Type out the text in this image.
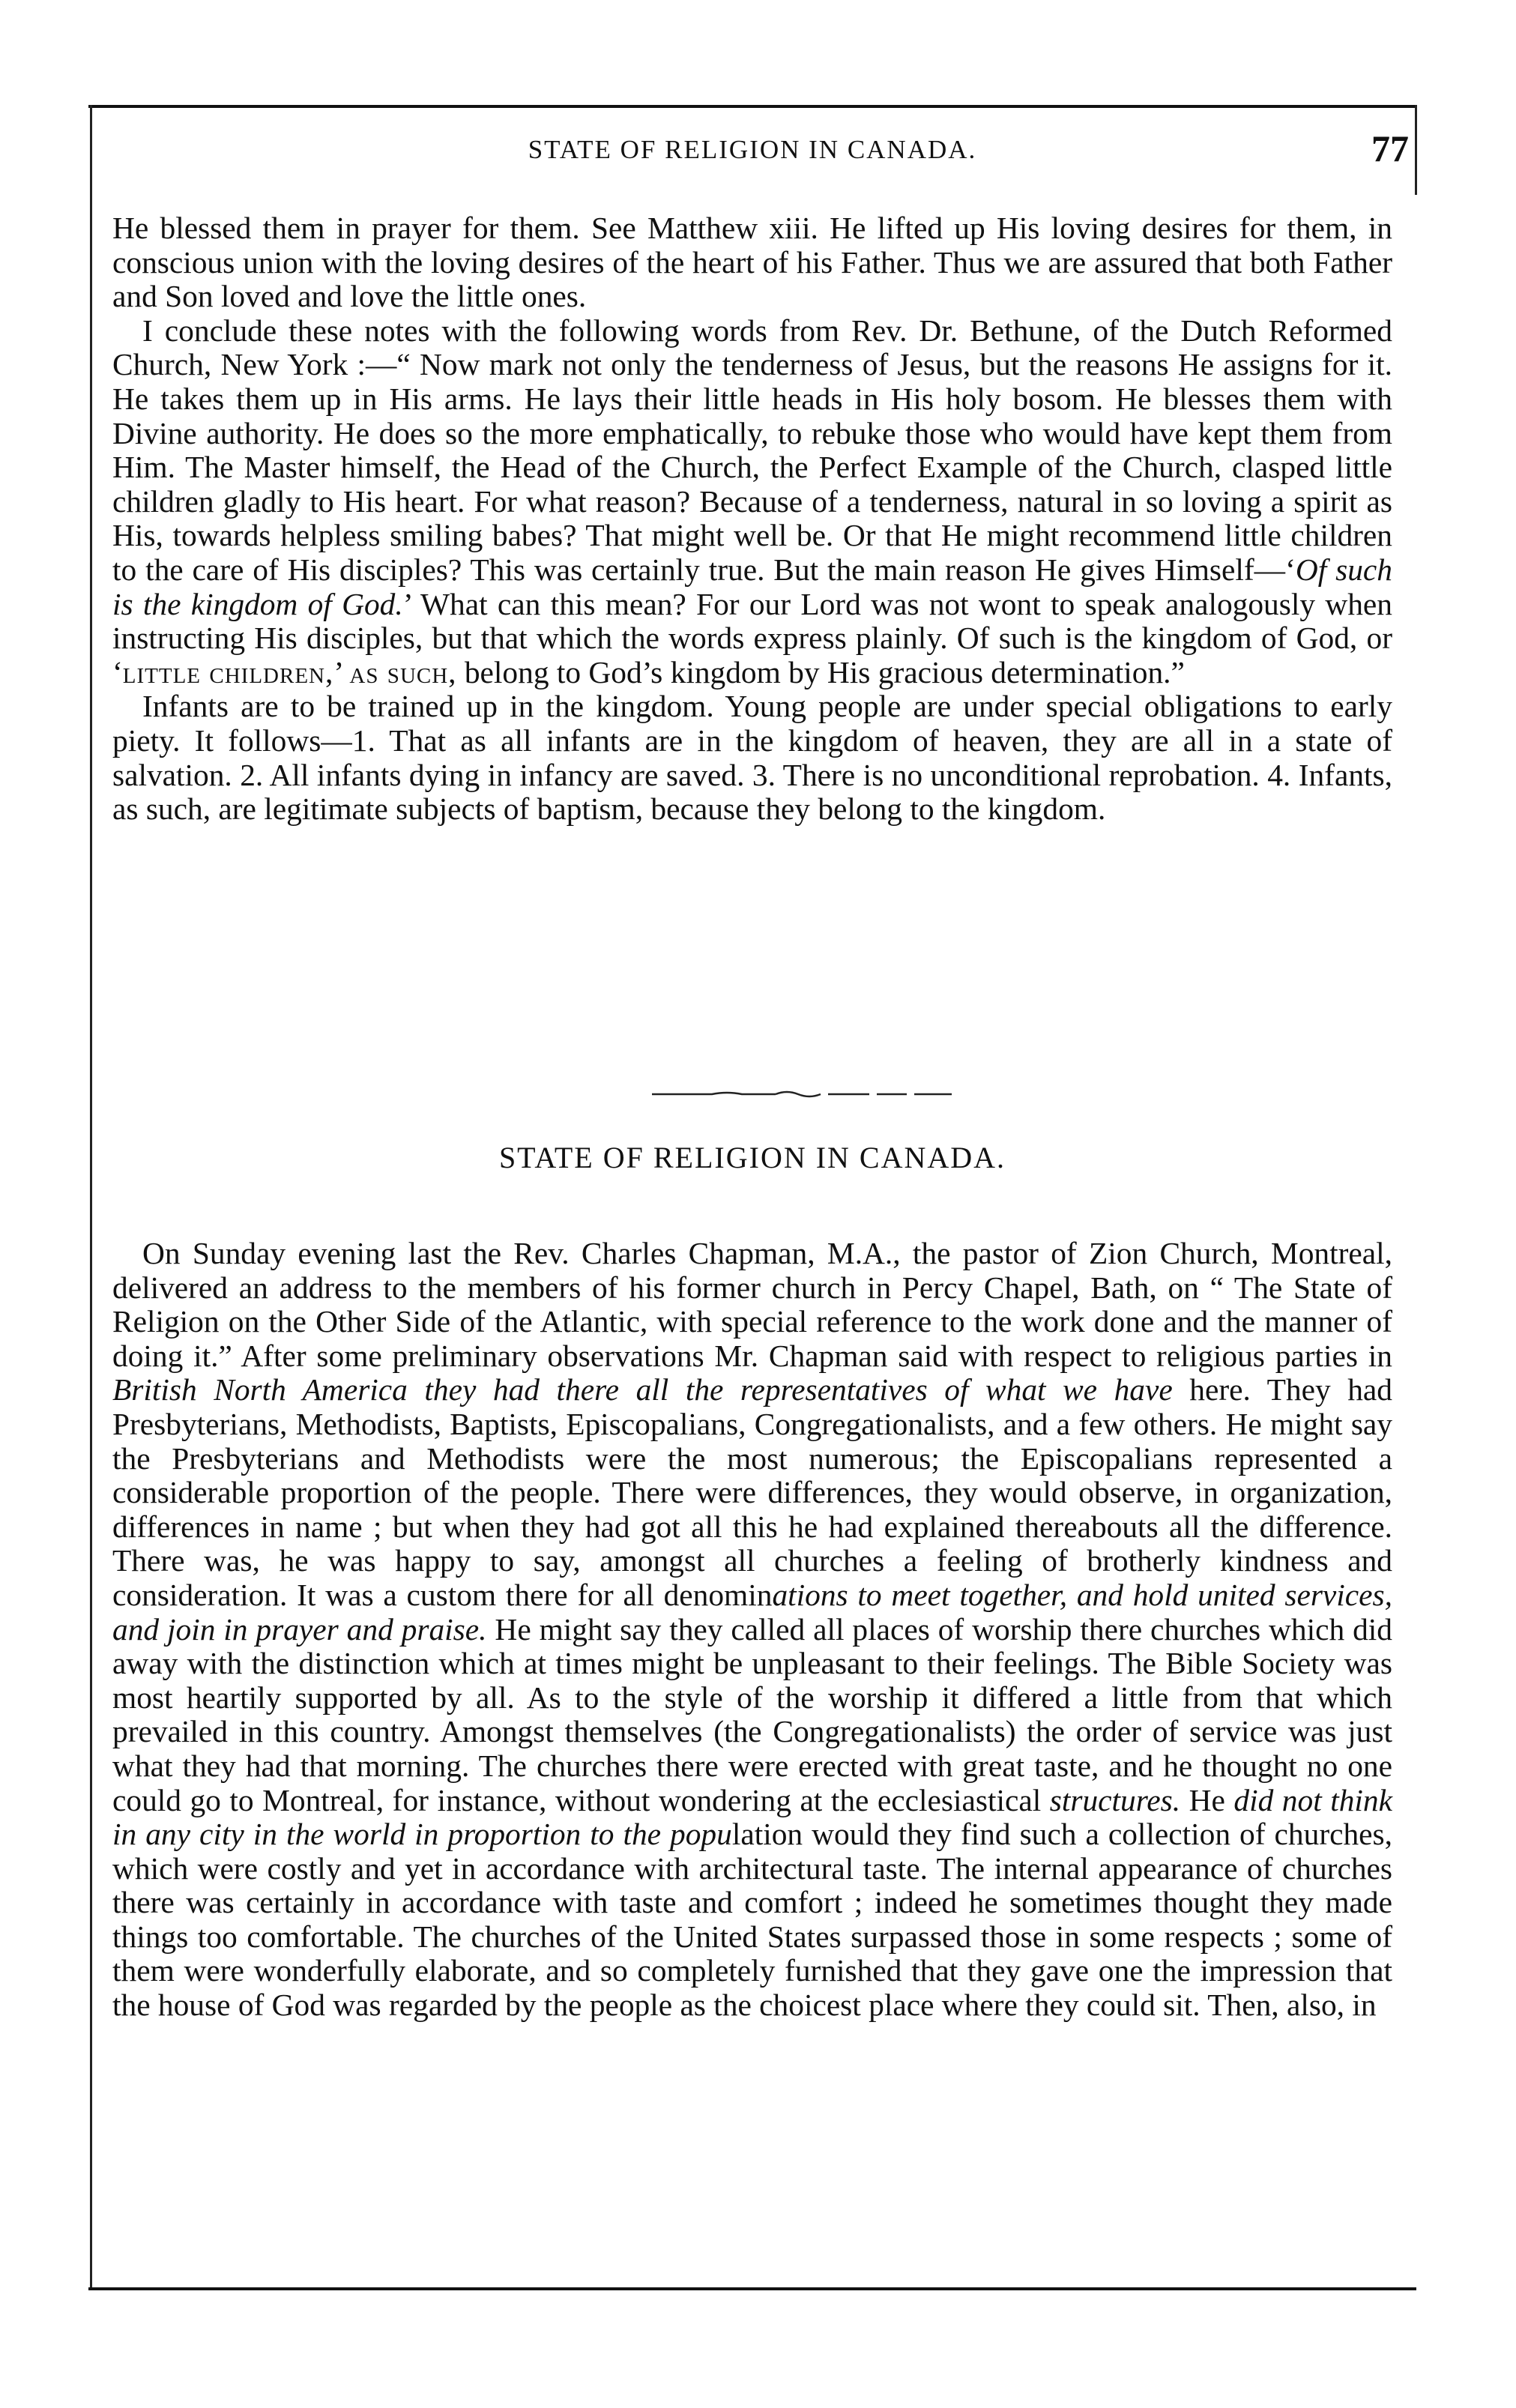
STATE OF RELIGION IN CANADA.	77

He blessed them in prayer for them. See Matthew xiii. He lifted up His loving desires for them, in conscious union with the loving desires of the heart of his Father. Thus we are assured that both Father and Son loved and love the little ones.

I conclude these notes with the following words from Rev. Dr. Bethune, of the Dutch Reformed Church, New York :—“ Now mark not only the tenderness of Jesus, but the reasons He assigns for it. He takes them up in His arms. He lays their little heads in His holy bosom. He blesses them with Divine authority. He does so the more emphatically, to rebuke those who would have kept them from Him. The Master himself, the Head of the Church, the Perfect Example of the Church, clasped little children gladly to His heart. For what reason? Because of a tenderness, natural in so loving a spirit as His, towards helpless smiling babes? That might well be. Or that He might recommend little children to the care of His disciples? This was certainly true. But the main reason He gives Himself—‘Of such is the kingdom of God.’ What can this mean? For our Lord was not wont to speak analogously when instructing His disciples, but that which the words express plainly. Of such is the kingdom of God, or ‘little children,’ as such, belong to God’s kingdom by His gracious determination.”

Infants are to be trained up in the kingdom. Young people are under special obligations to early piety. It follows—1. That as all infants are in the kingdom of heaven, they are all in a state of salvation. 2. All infants dying in infancy are saved. 3. There is no unconditional reprobation. 4. Infants, as such, are legitimate subjects of baptism, because they belong to the kingdom.

STATE OF RELIGION IN CANADA.

On Sunday evening last the Rev. Charles Chapman, M.A., the pastor of Zion Church, Montreal, delivered an address to the members of his former church in Percy Chapel, Bath, on “ The State of Religion on the Other Side of the Atlantic, with special reference to the work done and the manner of doing it.” After some preliminary observations Mr. Chapman said with respect to religious parties in British North America they had there all the representatives of what we have here. They had Presbyterians, Methodists, Baptists, Episcopalians, Congregationalists, and a few others. He might say the Presbyterians and Methodists were the most numerous; the Episcopalians represented a considerable proportion of the people. There were differences, they would observe, in organization, differences in name ; but when they had got all this he had explained thereabouts all the difference. There was, he was happy to say, amongst all churches a feeling of brotherly kindness and consideration. It was a custom there for all denominations to meet together, and hold united services, and join in prayer and praise. He might say they called all places of worship there churches which did away with the distinction which at times might be unpleasant to their feelings. The Bible Society was most heartily supported by all. As to the style of the worship it differed a little from that which prevailed in this country. Amongst themselves (the Congregationalists) the order of service was just what they had that morning. The churches there were erected with great taste, and he thought no one could go to Montreal, for instance, without wondering at the ecclesiastical structures. He did not think in any city in the world in proportion to the population would they find such a collection of churches, which were costly and yet in accordance with architectural taste. The internal appearance of churches there was certainly in accordance with taste and comfort ; indeed he sometimes thought they made things too comfortable. The churches of the United States surpassed those in some respects ; some of them were wonderfully elaborate, and so completely furnished that they gave one the impression that the house of God was regarded by the people as the choicest place where they could sit. Then, also, in
